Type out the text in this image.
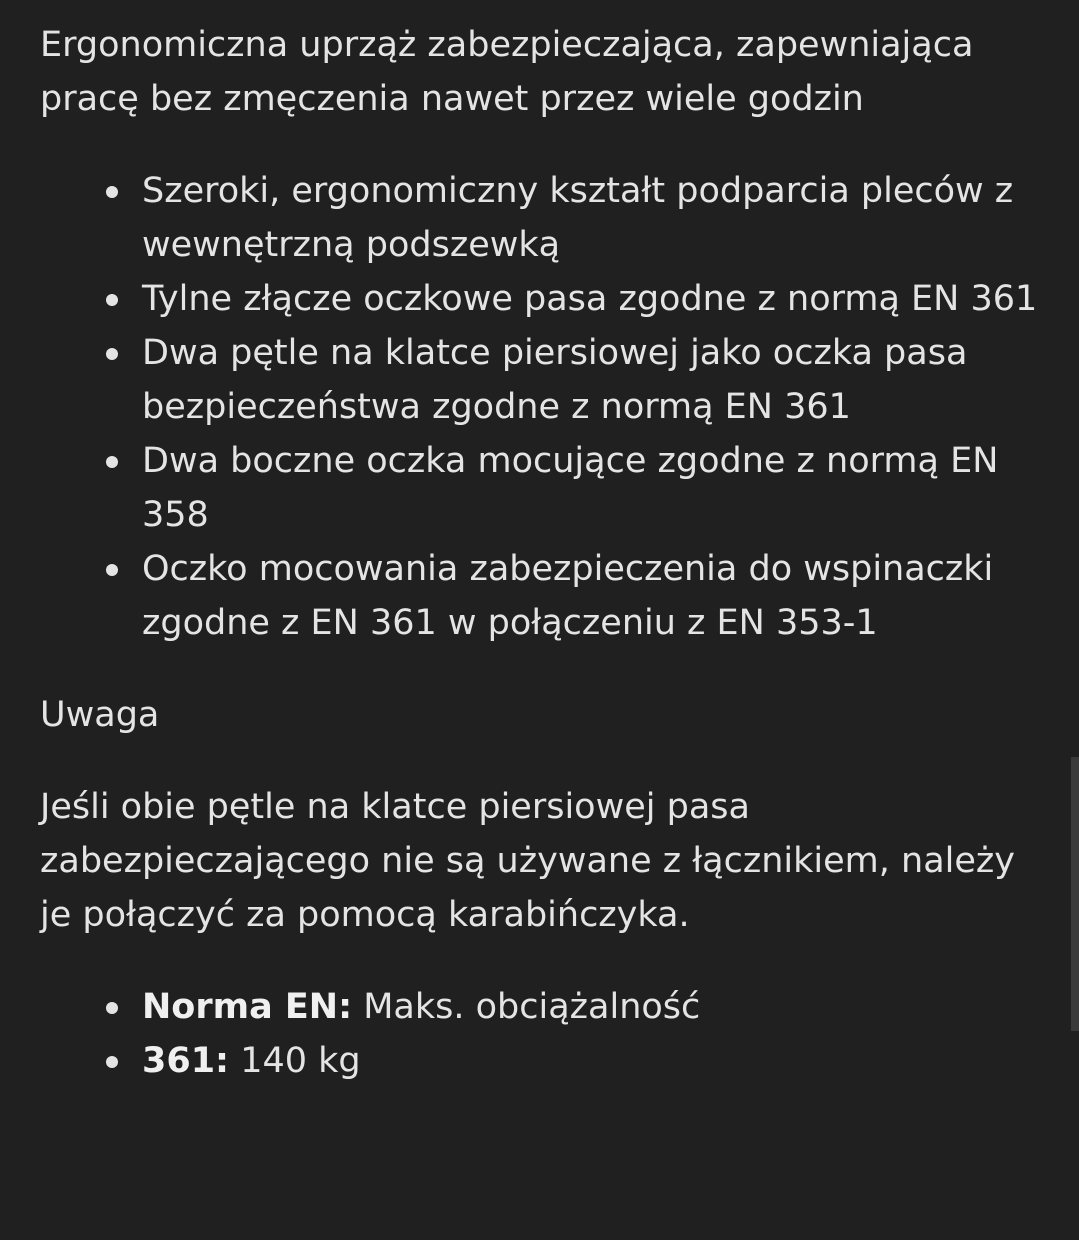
Ergonomiczna uprząż zabezpieczająca, zapewniająca pracę bez zmęczenia nawet przez wiele godzin

Szeroki, ergonomiczny kształt podparcia pleców z wewnętrzną podszewką
Tylne złącze oczkowe pasa zgodne z normą EN 361
Dwa pętle na klatce piersiowej jako oczka pasa bezpieczeństwa zgodne z normą EN 361
Dwa boczne oczka mocujące zgodne z normą EN 358
Oczko mocowania zabezpieczenia do wspinaczki zgodne z EN 361 w połączeniu z EN 353-1

Uwaga

Jeśli obie pętle na klatce piersiowej pasa zabezpieczającego nie są używane z łącznikiem, należy je połączyć za pomocą karabińczyka.

Norma EN: Maks. obciążalność
361: 140 kg
